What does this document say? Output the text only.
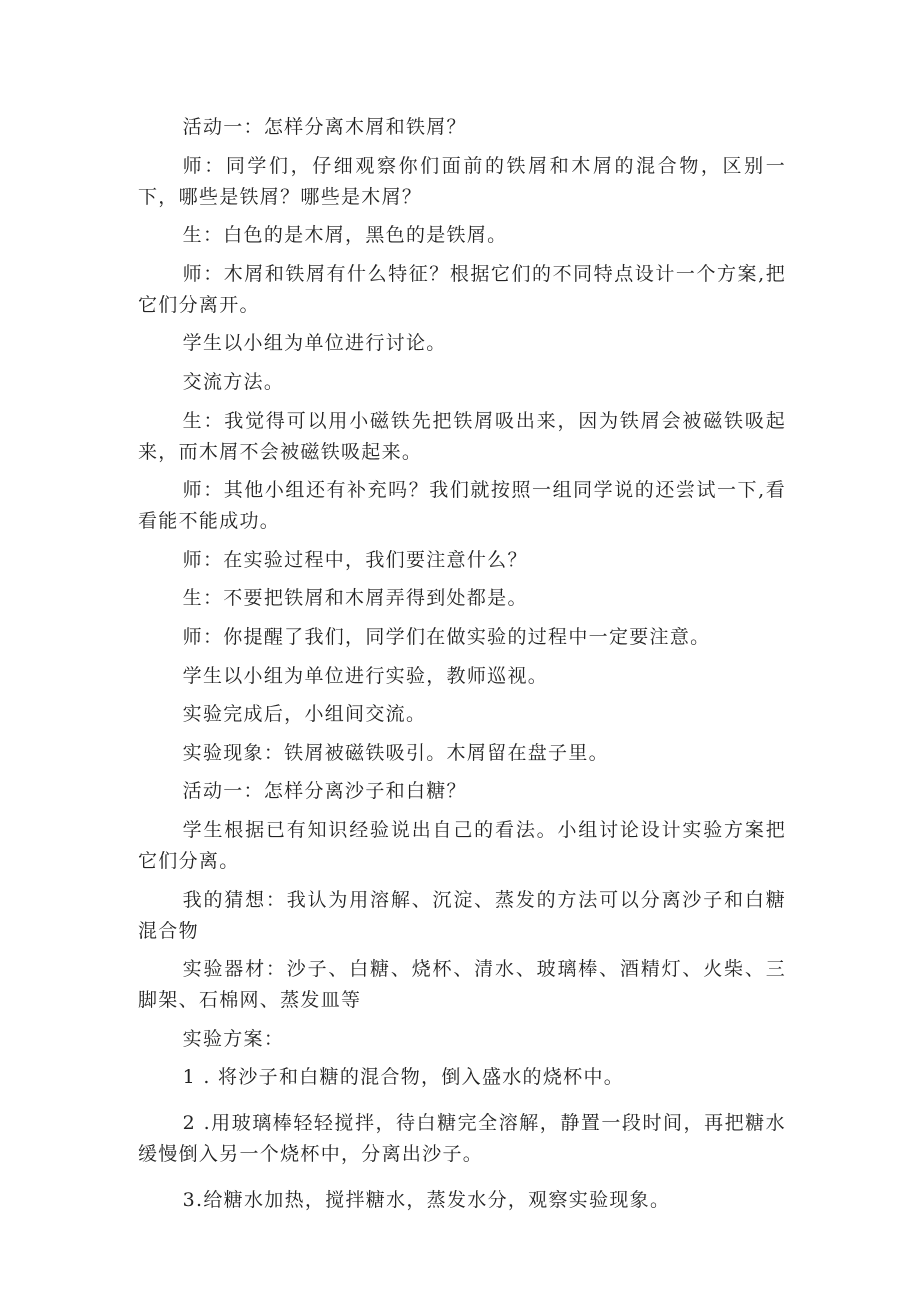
活动一：怎样分离木屑和铁屑？

师：同学们，仔细观察你们面前的铁屑和木屑的混合物，区别一下，哪些是铁屑？哪些是木屑？

生：白色的是木屑，黑色的是铁屑。

师：木屑和铁屑有什么特征？根据它们的不同特点设计一个方案,把它们分离开。

学生以小组为单位进行讨论。

交流方法。

生：我觉得可以用小磁铁先把铁屑吸出来，因为铁屑会被磁铁吸起来，而木屑不会被磁铁吸起来。

师：其他小组还有补充吗？我们就按照一组同学说的还尝试一下,看看能不能成功。

师：在实验过程中，我们要注意什么？

生：不要把铁屑和木屑弄得到处都是。

师：你提醒了我们，同学们在做实验的过程中一定要注意。

学生以小组为单位进行实验，教师巡视。

实验完成后，小组间交流。

实验现象：铁屑被磁铁吸引。木屑留在盘子里。

活动一：怎样分离沙子和白糖？

学生根据已有知识经验说出自己的看法。小组讨论设计实验方案把它们分离。

我的猜想：我认为用溶解、沉淀、蒸发的方法可以分离沙子和白糖混合物

实验器材：沙子、白糖、烧杯、清水、玻璃棒、酒精灯、火柴、三脚架、石棉网、蒸发皿等

实验方案：

1 . 将沙子和白糖的混合物，倒入盛水的烧杯中。

2 .用玻璃棒轻轻搅拌，待白糖完全溶解，静置一段时间，再把糖水缓慢倒入另一个烧杯中，分离出沙子。

3.给糖水加热，搅拌糖水，蒸发水分，观察实验现象。
